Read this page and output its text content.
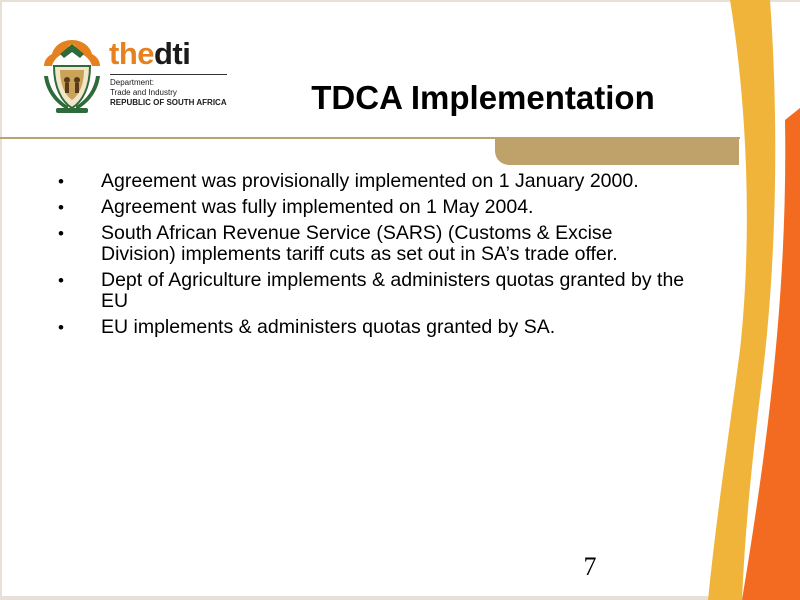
thedti
Department:
Trade and Industry
REPUBLIC OF SOUTH AFRICA	TDCA Implementation
• Agreement was provisionally implemented on 1 January 2000.
• Agreement was fully implemented on 1 May 2004.
• South African Revenue Service (SARS) (Customs & Excise Division) implements tariff cuts as set out in SA’s trade offer.
• Dept of Agriculture implements & administers quotas granted by the EU
• EU implements & administers quotas granted by SA.
7
